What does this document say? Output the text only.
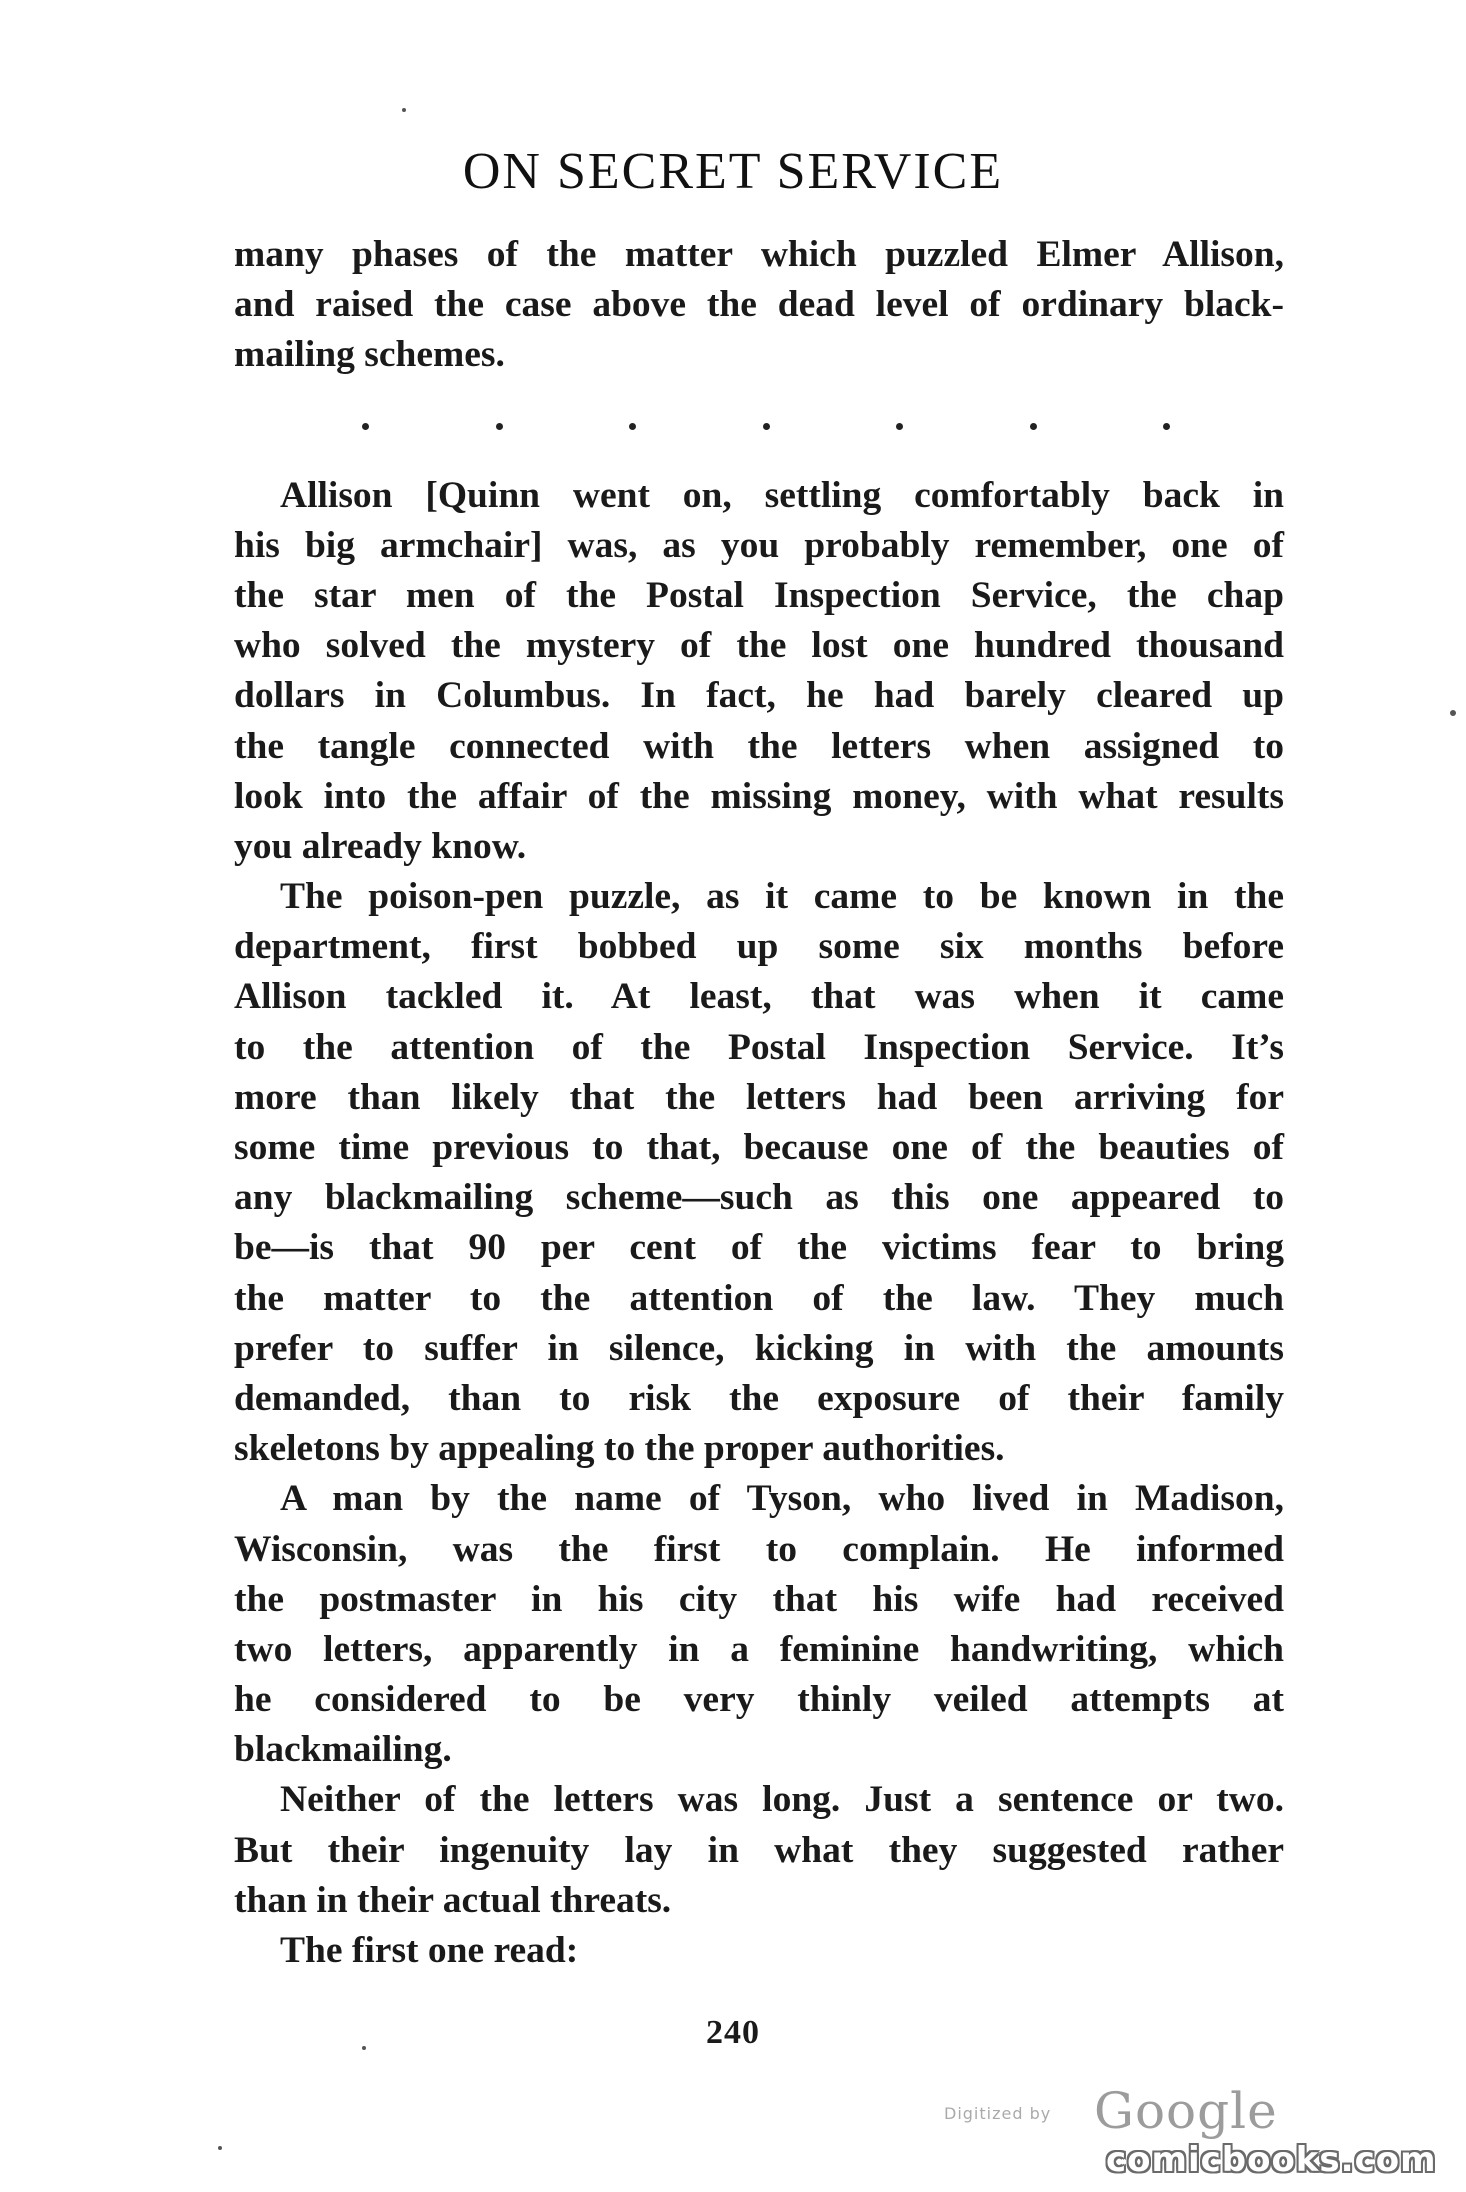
ON SECRET SERVICE
many phases of the matter which puzzled Elmer Allison,
and raised the case above the dead level of ordinary black-
mailing schemes.
Allison [Quinn went on, settling comfortably back in
his big armchair] was, as you probably remember, one of
the star men of the Postal Inspection Service, the chap
who solved the mystery of the lost one hundred thousand
dollars in Columbus. In fact, he had barely cleared up
the tangle connected with the letters when assigned to
look into the affair of the missing money, with what results
you already know.
The poison-pen puzzle, as it came to be known in the
department, first bobbed up some six months before
Allison tackled it. At least, that was when it came
to the attention of the Postal Inspection Service. It’s
more than likely that the letters had been arriving for
some time previous to that, because one of the beauties of
any blackmailing scheme—such as this one appeared to
be—is that 90 per cent of the victims fear to bring
the matter to the attention of the law. They much
prefer to suffer in silence, kicking in with the amounts
demanded, than to risk the exposure of their family
skeletons by appealing to the proper authorities.
A man by the name of Tyson, who lived in Madison,
Wisconsin, was the first to complain. He informed
the postmaster in his city that his wife had received
two letters, apparently in a feminine handwriting, which
he considered to be very thinly veiled attempts at
blackmailing.
Neither of the letters was long. Just a sentence or two.
But their ingenuity lay in what they suggested rather
than in their actual threats.
The first one read:
240
Digitized by Google
comicbooks.com
